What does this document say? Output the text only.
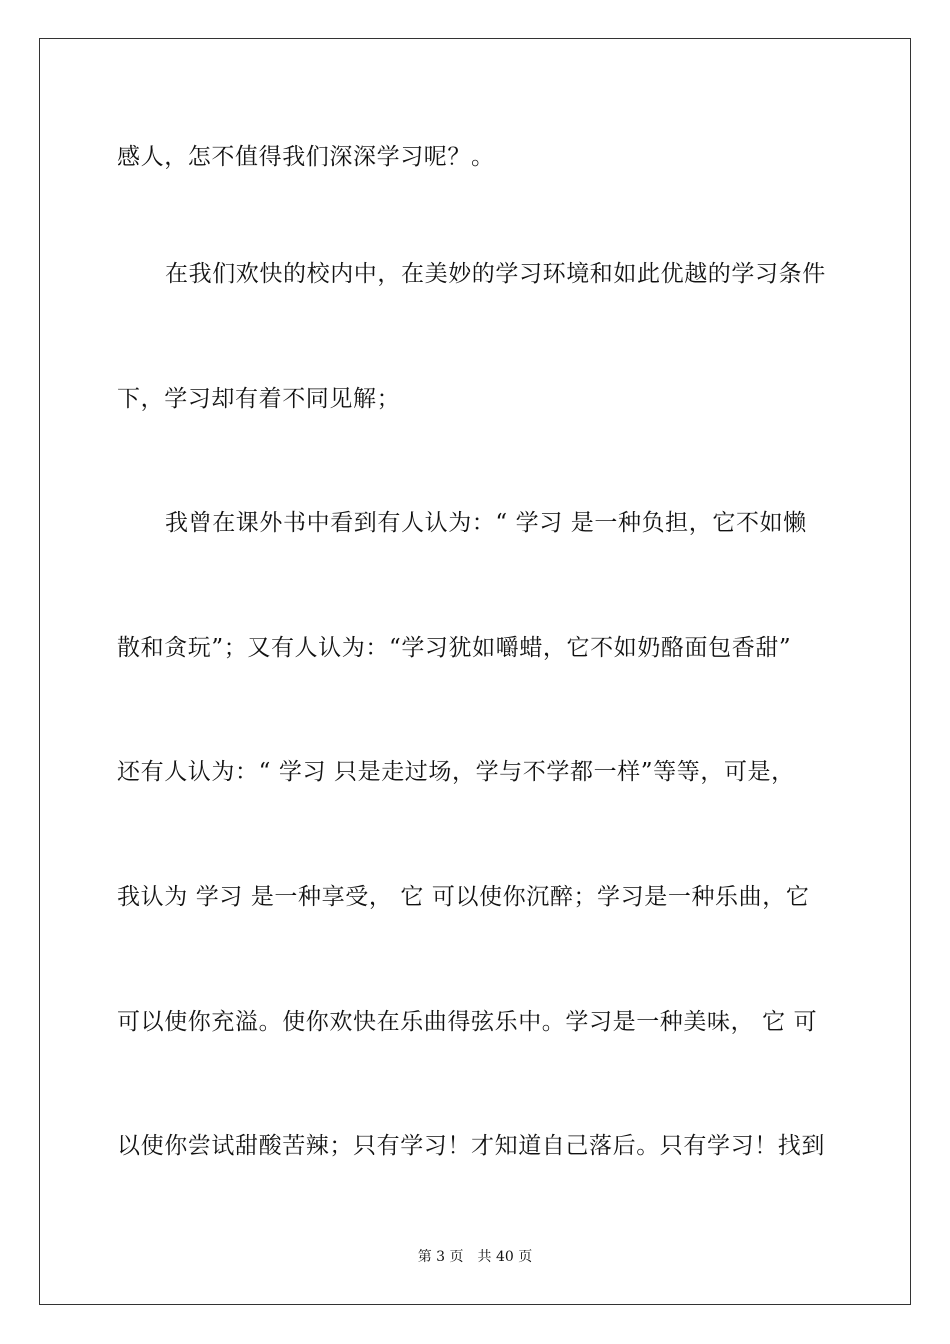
感人，怎不值得我们深深学习呢？。
在我们欢快的校内中，在美妙的学习环境和如此优越的学习条件
下，学习却有着不同见解；
我曾在课外书中看到有人认为：“ 学习 是一种负担，它不如懒
散和贪玩”；又有人认为：“学习犹如嚼蜡，它不如奶酪面包香甜”
还有人认为：“ 学习 只是走过场，学与不学都一样”等等，可是，
我认为 学习 是一种享受， 它 可以使你沉醉；学习是一种乐曲，它
可以使你充溢。使你欢快在乐曲得弦乐中。学习是一种美味， 它 可
以使你尝试甜酸苦辣；只有学习！才知道自己落后。只有学习！找到
第 3 页　共 40 页
